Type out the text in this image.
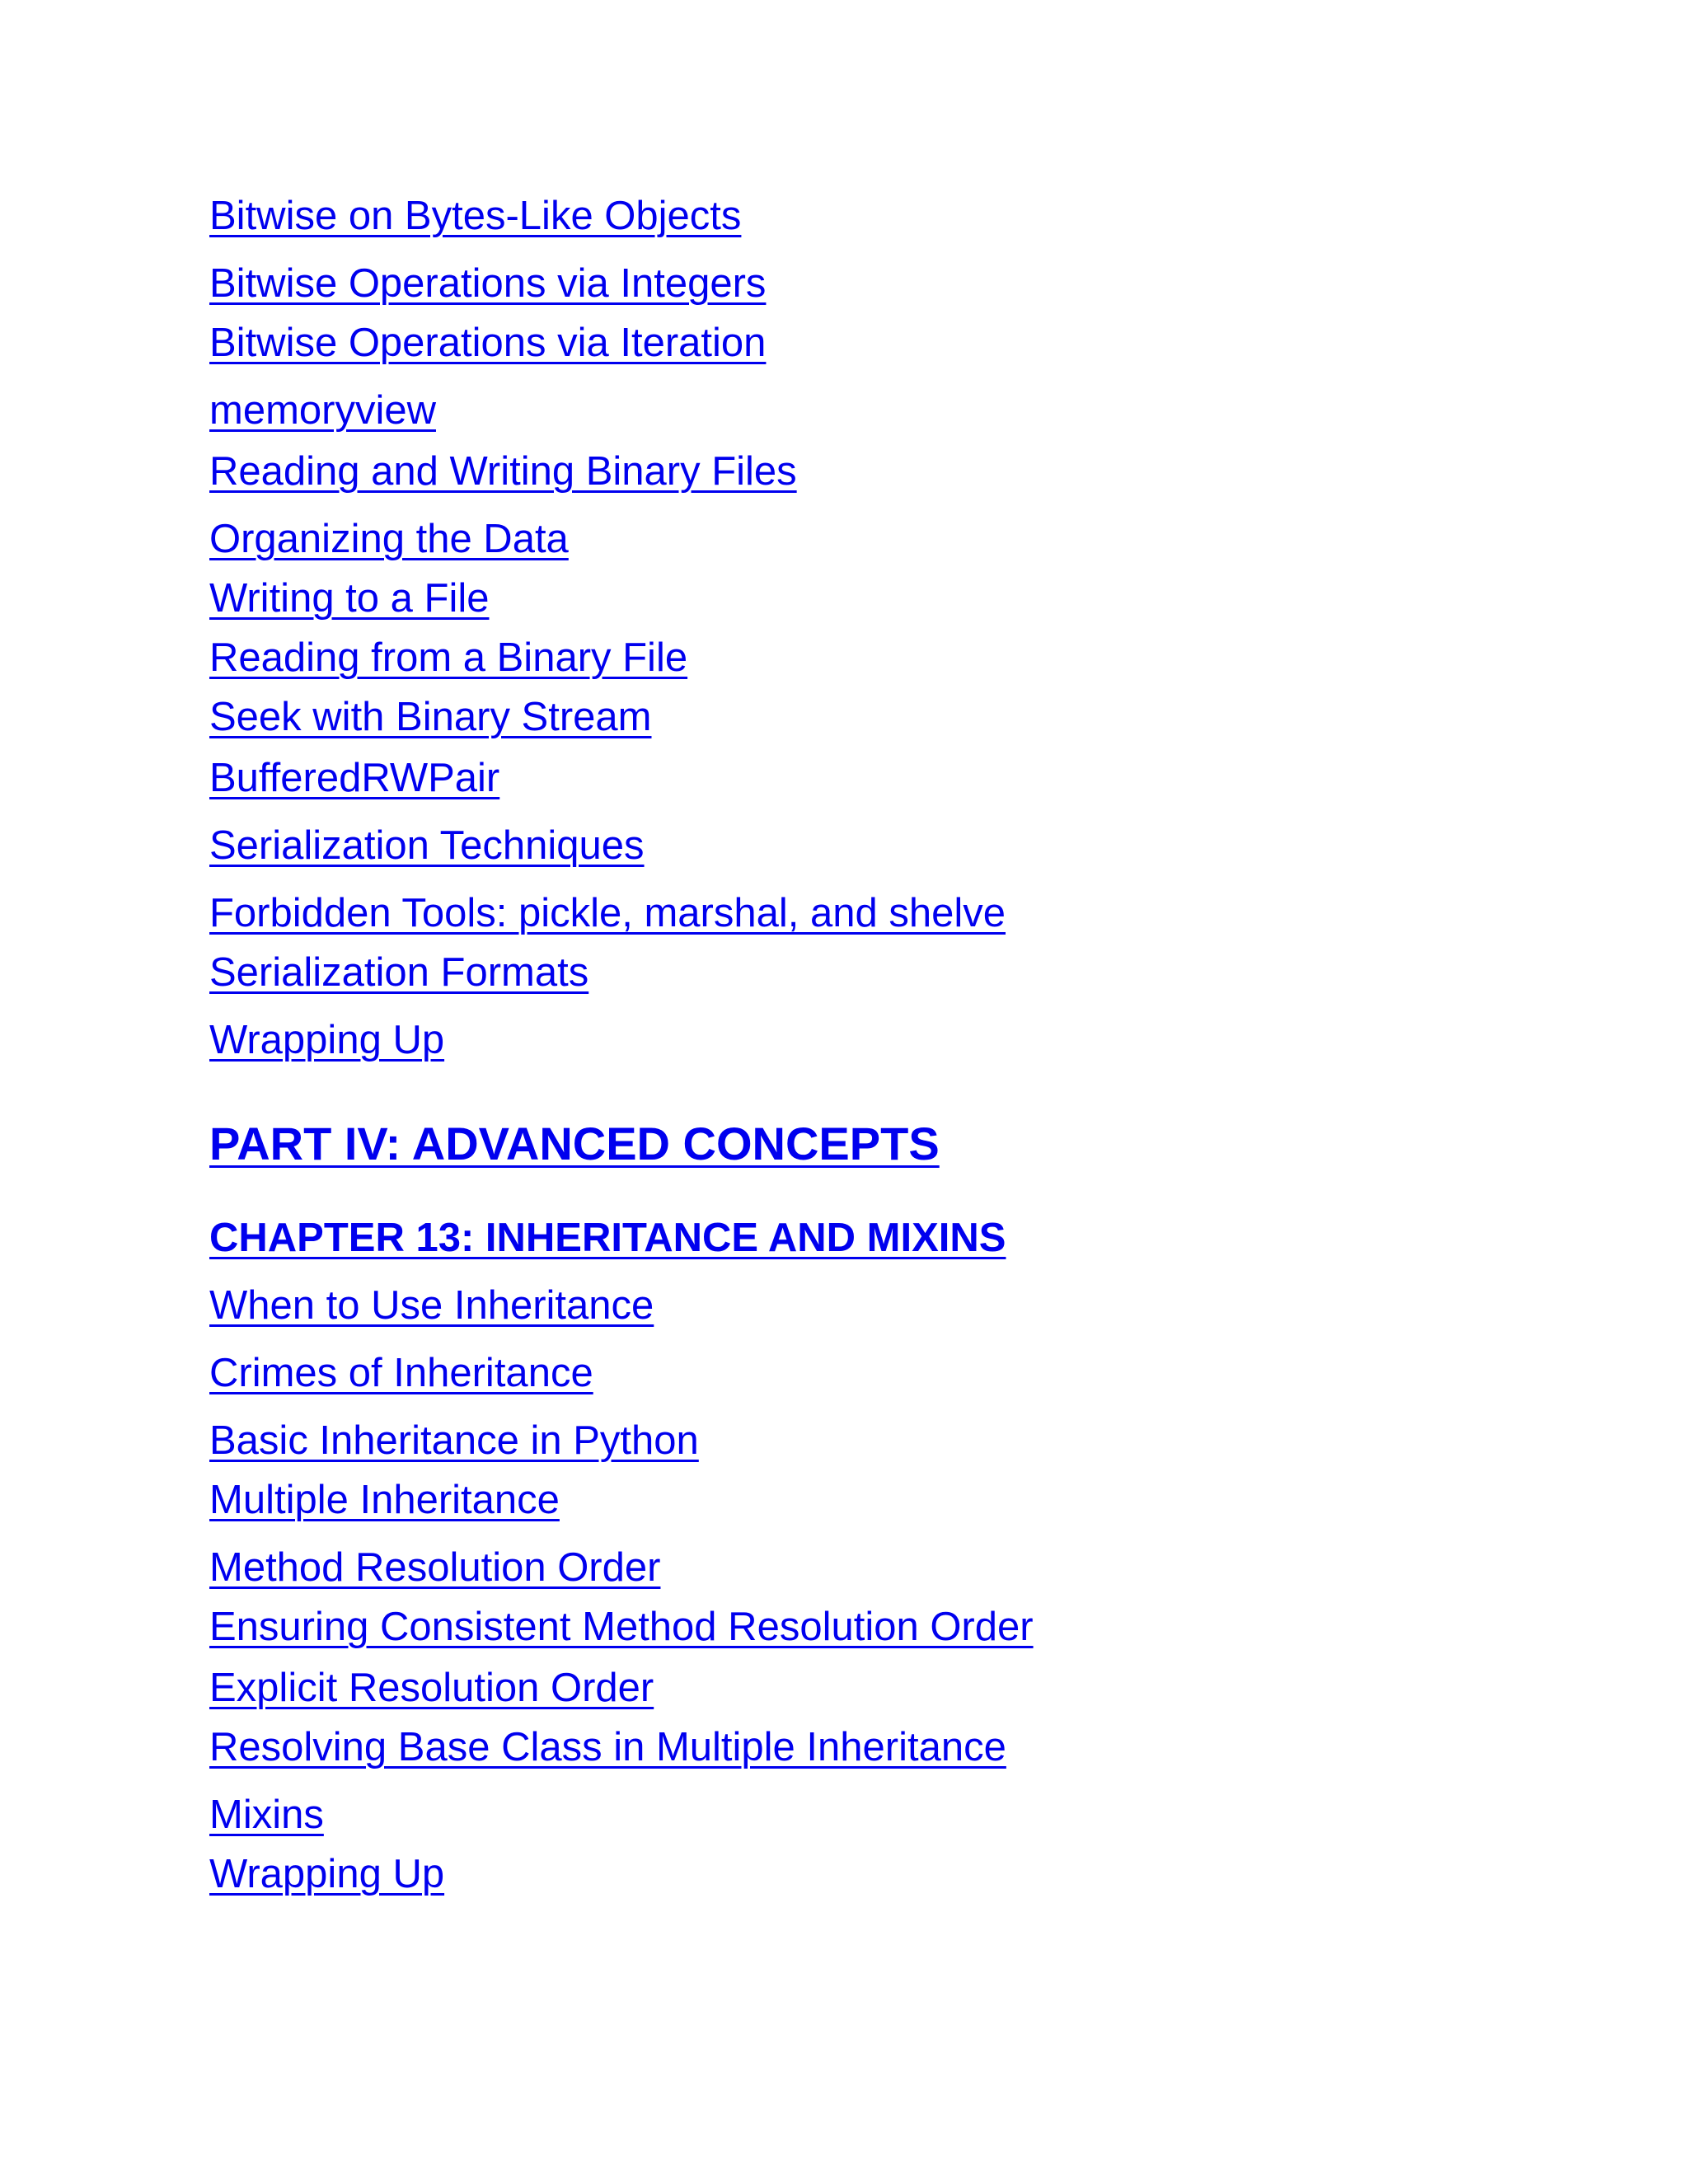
Bitwise on Bytes-Like Objects
Bitwise Operations via Integers
Bitwise Operations via Iteration
memoryview
Reading and Writing Binary Files
Organizing the Data
Writing to a File
Reading from a Binary File
Seek with Binary Stream
BufferedRWPair
Serialization Techniques
Forbidden Tools: pickle, marshal, and shelve
Serialization Formats
Wrapping Up
PART IV: ADVANCED CONCEPTS
CHAPTER 13: INHERITANCE AND MIXINS
When to Use Inheritance
Crimes of Inheritance
Basic Inheritance in Python
Multiple Inheritance
Method Resolution Order
Ensuring Consistent Method Resolution Order
Explicit Resolution Order
Resolving Base Class in Multiple Inheritance
Mixins
Wrapping Up
